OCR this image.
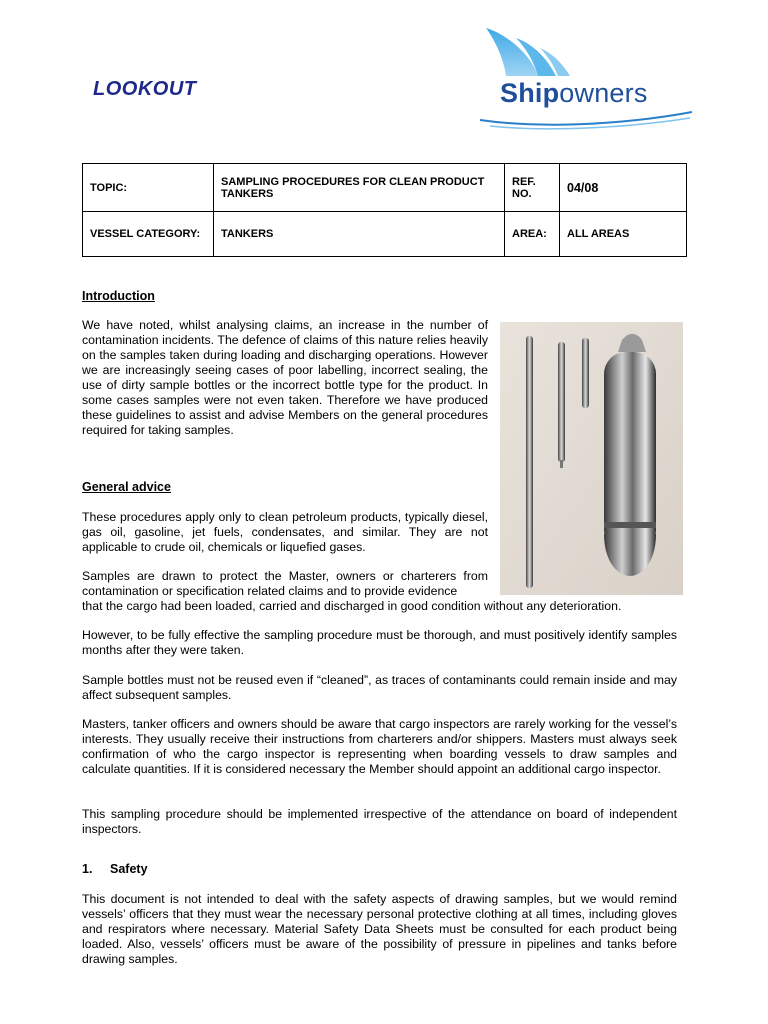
LOOKOUT	Shipowners
TOPIC:	SAMPLING PROCEDURES FOR CLEAN PRODUCT TANKERS	REF. NO.	04/08
VESSEL CATEGORY:	TANKERS	AREA:	ALL AREAS
Introduction
We have noted, whilst analysing claims, an increase in the number of contamination incidents. The defence of claims of this nature relies heavily on the samples taken during loading and discharging operations. However we are increasingly seeing cases of poor labelling, incorrect sealing, the use of dirty sample bottles or the incorrect bottle type for the product. In some cases samples were not even taken. Therefore we have produced these guidelines to assist and advise Members on the general procedures required for taking samples.
General advice
These procedures apply only to clean petroleum products, typically diesel, gas oil, gasoline, jet fuels, condensates, and similar. They are not applicable to crude oil, chemicals or liquefied gases.
Samples are drawn to protect the Master, owners or charterers from contamination or specification related claims and to provide evidence
that the cargo had been loaded, carried and discharged in good condition without any deterioration.
However, to be fully effective the sampling procedure must be thorough, and must positively identify samples months after they were taken.
Sample bottles must not be reused even if “cleaned”, as traces of contaminants could remain inside and may affect subsequent samples.
Masters, tanker officers and owners should be aware that cargo inspectors are rarely working for the vessel’s interests. They usually receive their instructions from charterers and/or shippers. Masters must always seek confirmation of who the cargo inspector is representing when boarding vessels to draw samples and calculate quantities. If it is considered necessary the Member should appoint an additional cargo inspector.
This sampling procedure should be implemented irrespective of the attendance on board of independent inspectors.
1. Safety
This document is not intended to deal with the safety aspects of drawing samples, but we would remind vessels’ officers that they must wear the necessary personal protective clothing at all times, including gloves and respirators where necessary. Material Safety Data Sheets must be consulted for each product being loaded. Also, vessels’ officers must be aware of the possibility of pressure in pipelines and tanks before drawing samples.
